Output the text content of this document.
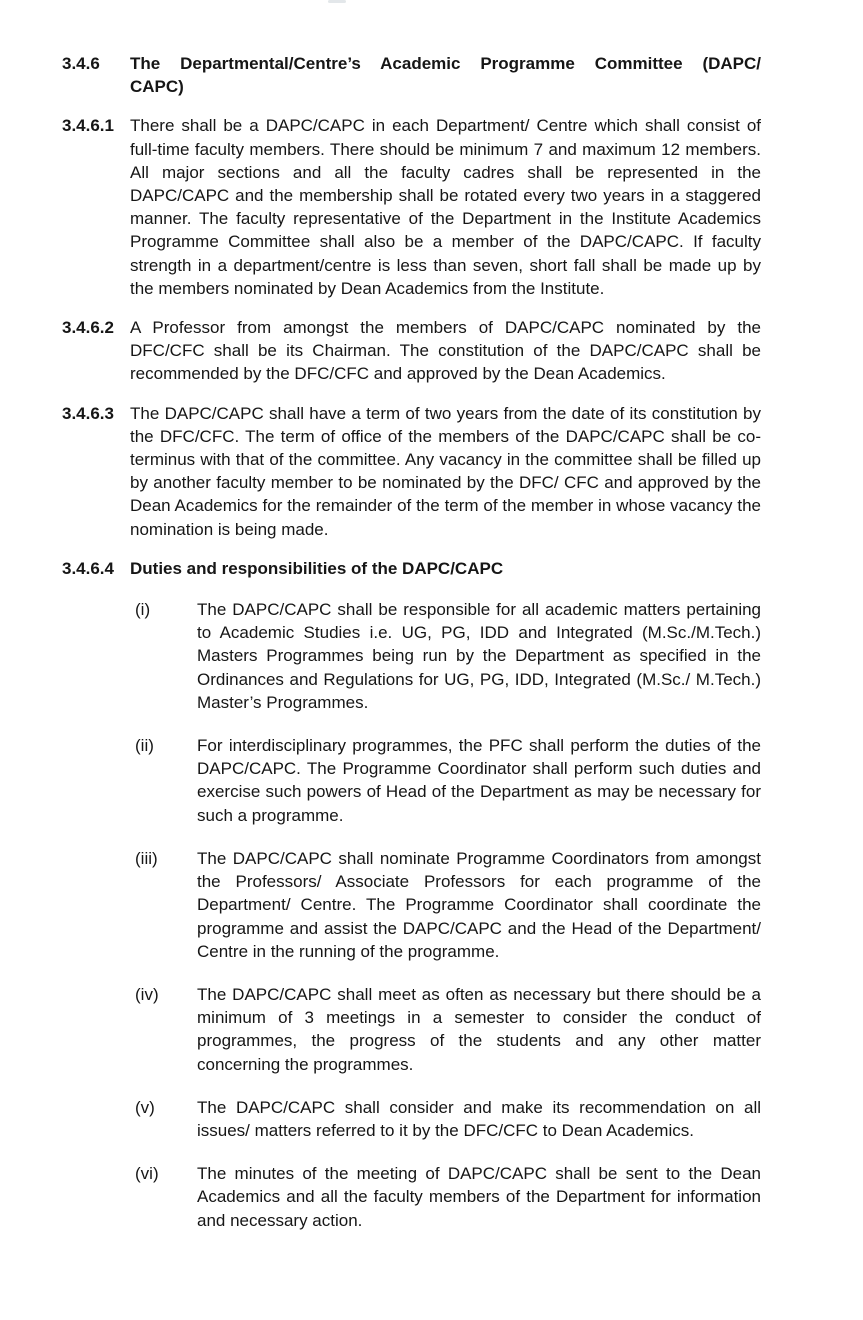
3.4.6	The Departmental/Centre’s Academic Programme Committee (DAPC/
CAPC)
3.4.6.1 There shall be a DAPC/CAPC in each Department/ Centre which shall consist of full-time faculty members. There should be minimum 7 and maximum 12 members. All major sections and all the faculty cadres shall be represented in the DAPC/CAPC and the membership shall be rotated every two years in a staggered manner. The faculty representative of the Department in the Institute Academics Programme Committee shall also be a member of the DAPC/CAPC. If faculty strength in a department/centre is less than seven, short fall shall be made up by the members nominated by Dean Academics from the Institute.
3.4.6.2 A Professor from amongst the members of DAPC/CAPC nominated by the DFC/CFC shall be its Chairman. The constitution of the DAPC/CAPC shall be recommended by the DFC/CFC and approved by the Dean Academics.
3.4.6.3 The DAPC/CAPC shall have a term of two years from the date of its constitution by the DFC/CFC. The term of office of the members of the DAPC/CAPC shall be co-terminus with that of the committee. Any vacancy in the committee shall be filled up by another faculty member to be nominated by the DFC/ CFC and approved by the Dean Academics for the remainder of the term of the member in whose vacancy the nomination is being made.
3.4.6.4 Duties and responsibilities of the DAPC/CAPC
(i)	The DAPC/CAPC shall be responsible for all academic matters pertaining to Academic Studies i.e. UG, PG, IDD and Integrated (M.Sc./M.Tech.) Masters Programmes being run by the Department as specified in the Ordinances and Regulations for UG, PG, IDD, Integrated (M.Sc./ M.Tech.) Master’s Programmes.
(ii)	For interdisciplinary programmes, the PFC shall perform the duties of the DAPC/CAPC. The Programme Coordinator shall perform such duties and exercise such powers of Head of the Department as may be necessary for such a programme.
(iii)	The DAPC/CAPC shall nominate Programme Coordinators from amongst the Professors/ Associate Professors for each programme of the Department/ Centre. The Programme Coordinator shall coordinate the programme and assist the DAPC/CAPC and the Head of the Department/ Centre in the running of the programme.
(iv)	The DAPC/CAPC shall meet as often as necessary but there should be a minimum of 3 meetings in a semester to consider the conduct of programmes, the progress of the students and any other matter concerning the programmes.
(v)	The DAPC/CAPC shall consider and make its recommendation on all issues/ matters referred to it by the DFC/CFC to Dean Academics.
(vi)	The minutes of the meeting of DAPC/CAPC shall be sent to the Dean Academics and all the faculty members of the Department for information and necessary action.
